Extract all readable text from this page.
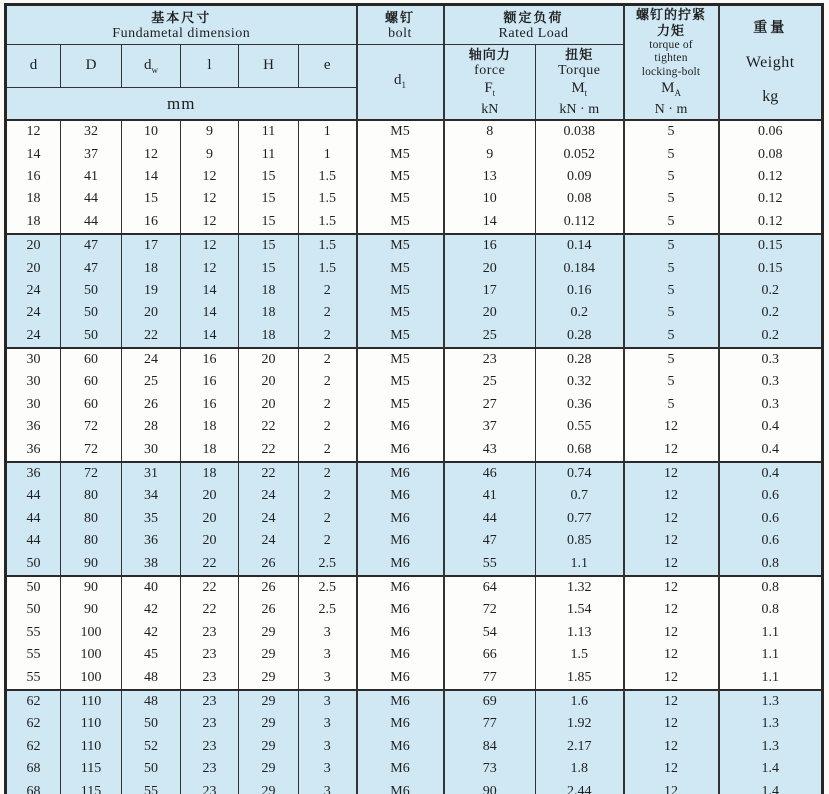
基本尺寸
Fundametal dimension

螺钉
bolt

额定负荷
Rated Load

螺钉的拧紧
力矩
torque of
tighten
locking-bolt
$M_A$
N · m

重量
Weight
kg

d	D	$d_w$	l	H	e	
$d_1$

轴向力
force
$F_t$
kN

扭矩
Torque
$M_t$
kN · m

mm										
12	32	10	9	11	1	M5	8	0.038	5	0.06
14	37	12	9	11	1	M5	9	0.052	5	0.08
16	41	14	12	15	1.5	M5	13	0.09	5	0.12
18	44	15	12	15	1.5	M5	10	0.08	5	0.12
18	44	16	12	15	1.5	M5	14	0.112	5	0.12
20	47	17	12	15	1.5	M5	16	0.14	5	0.15
20	47	18	12	15	1.5	M5	20	0.184	5	0.15
24	50	19	14	18	2	M5	17	0.16	5	0.2
24	50	20	14	18	2	M5	20	0.2	5	0.2
24	50	22	14	18	2	M5	25	0.28	5	0.2
30	60	24	16	20	2	M5	23	0.28	5	0.3
30	60	25	16	20	2	M5	25	0.32	5	0.3
30	60	26	16	20	2	M5	27	0.36	5	0.3
36	72	28	18	22	2	M6	37	0.55	12	0.4
36	72	30	18	22	2	M6	43	0.68	12	0.4
36	72	31	18	22	2	M6	46	0.74	12	0.4
44	80	34	20	24	2	M6	41	0.7	12	0.6
44	80	35	20	24	2	M6	44	0.77	12	0.6
44	80	36	20	24	2	M6	47	0.85	12	0.6
50	90	38	22	26	2.5	M6	55	1.1	12	0.8
50	90	40	22	26	2.5	M6	64	1.32	12	0.8
50	90	42	22	26	2.5	M6	72	1.54	12	0.8
55	100	42	23	29	3	M6	54	1.13	12	1.1
55	100	45	23	29	3	M6	66	1.5	12	1.1
55	100	48	23	29	3	M6	77	1.85	12	1.1
62	110	48	23	29	3	M6	69	1.6	12	1.3
62	110	50	23	29	3	M6	77	1.92	12	1.3
62	110	52	23	29	3	M6	84	2.17	12	1.3
68	115	50	23	29	3	M6	73	1.8	12	1.4
68	115	55	23	29	3	M6	90	2.44	12	1.4
